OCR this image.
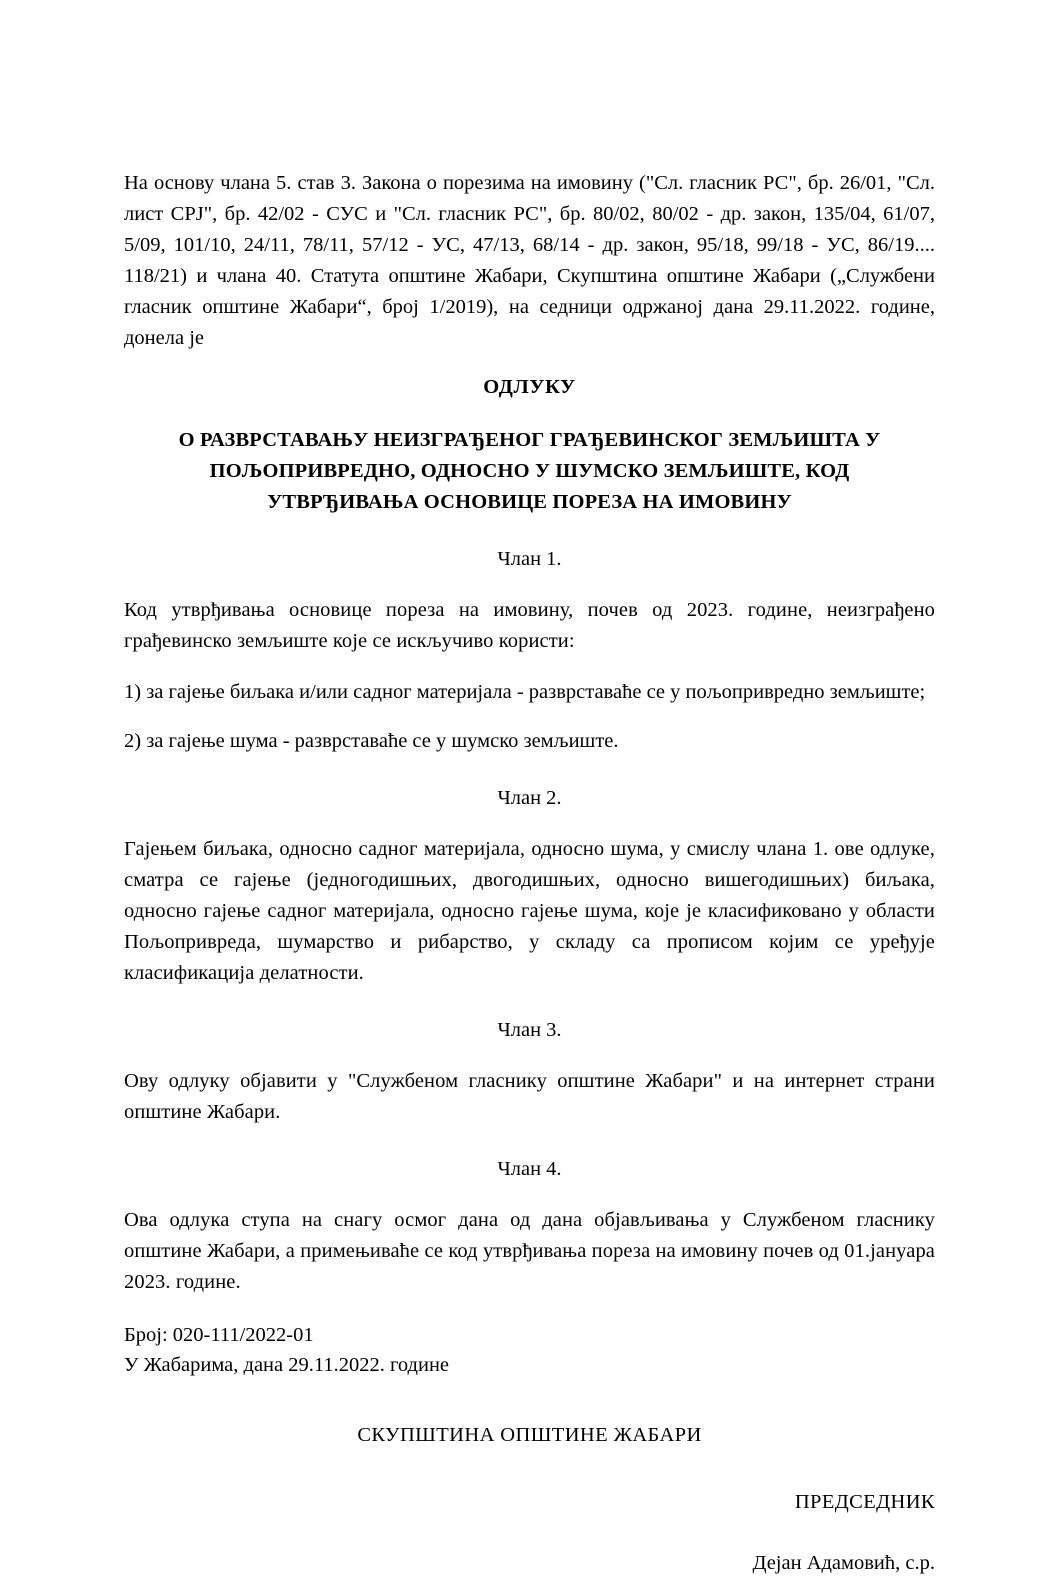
На основу члана 5. став 3. Закона о порезима на имовину ("Сл. гласник РС", бр. 26/01, "Сл. лист СРЈ", бр. 42/02 - СУС и "Сл. гласник РС", бр. 80/02, 80/02 - др. закон, 135/04, 61/07, 5/09, 101/10, 24/11, 78/11, 57/12 - УС, 47/13, 68/14 - др. закон, 95/18, 99/18 - УС, 86/19.... 118/21) и члана 40. Статута општине Жабари, Скупштина општине Жабари („Службени гласник општине Жабари“, број 1/2019), на седници одржаној дана 29.11.2022. године, донела је

ОДЛУКУ

О РАЗВРСТАВАЊУ НЕИЗГРАЂЕНОГ ГРАЂЕВИНСКОГ ЗЕМЉИШТА У
ПОЉОПРИВРЕДНО, ОДНОСНО У ШУМСКО ЗЕМЉИШТЕ, КОД
УТВРЂИВАЊА ОСНОВИЦЕ ПОРЕЗА НА ИМОВИНУ

Члан 1.

Код утврђивања основице пореза на имовину, почев од 2023. године, неизграђено грађевинско земљиште које се искључиво користи:

1) за гајење биљака и/или садног материјала - разврставаће се у пољопривредно земљиште;

2) за гајење шума - разврставаће се у шумско земљиште.

Члан 2.

Гајењем биљака, односно садног материјала, односно шума, у смислу члана 1. ове одлуке, сматра се гајење (једногодишњих, двогодишњих, односно вишегодишњих) биљака, односно гајење садног материјала, односно гајење шума, које је класификовано у области Пољопривреда, шумарство и рибарство, у складу са прописом којим се уређује класификација делатности.

Члан 3.

Ову одлуку објавити у "Службеном гласнику општине Жабари" и на интернет страни општине Жабари.

Члан 4.

Ова одлука ступа на снагу осмог дана од дана објављивања у Службеном гласнику општине Жабари, а примењиваће се код утврђивања пореза на имовину почев од 01.јануара 2023. године.

Број: 020-111/2022-01
У Жабарима, дана 29.11.2022. године

СКУПШТИНА ОПШТИНЕ ЖАБАРИ

ПРЕДСЕДНИК
Дејан Адамовић, с.р.
